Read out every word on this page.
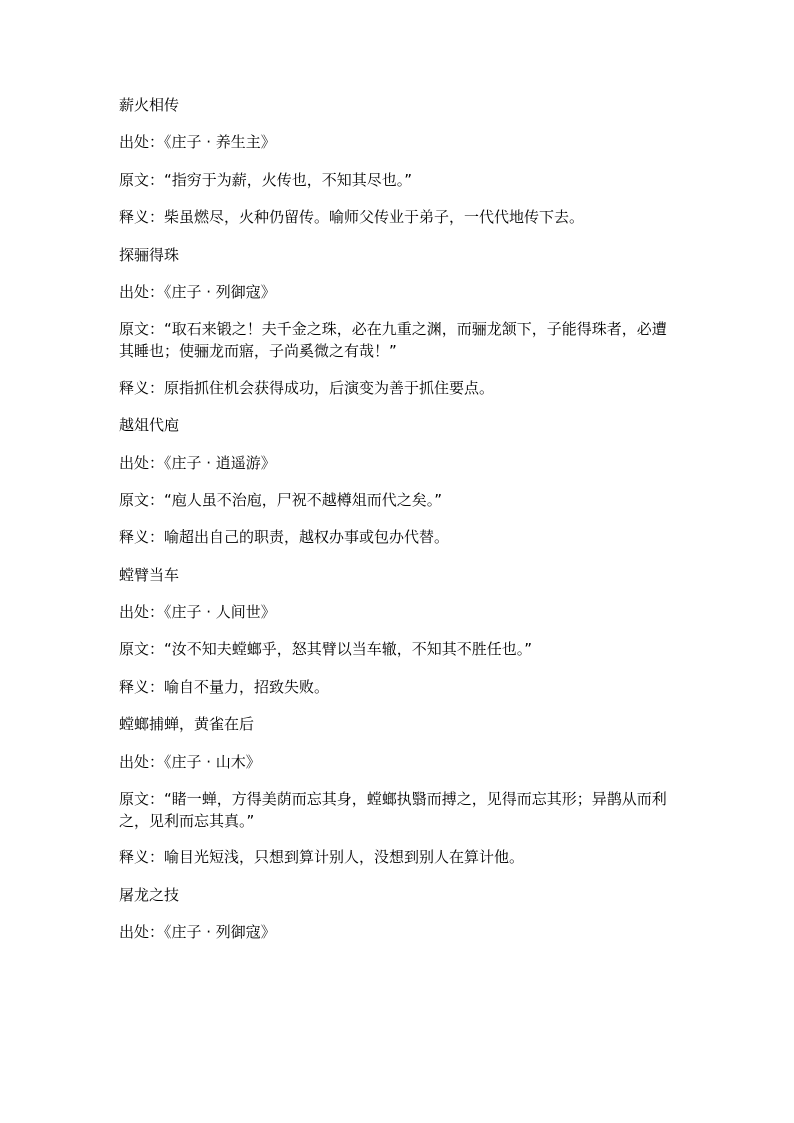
薪火相传

出处：《庄子 · 养生主》

原文：“指穷于为薪，火传也，不知其尽也。”

释义：柴虽燃尽，火种仍留传。喻师父传业于弟子，一代代地传下去。

探骊得珠

出处：《庄子 · 列御寇》

原文：“取石来锻之！夫千金之珠，必在九重之渊，而骊龙颔下，子能得珠者，必遭其睡也；使骊龙而寤，子尚奚微之有哉！”

释义：原指抓住机会获得成功，后演变为善于抓住要点。

越俎代庖

出处：《庄子 · 逍遥游》

原文：“庖人虽不治庖，尸祝不越樽俎而代之矣。”

释义：喻超出自己的职责，越权办事或包办代替。

螳臂当车

出处：《庄子 · 人间世》

原文：“汝不知夫螳螂乎，怒其臂以当车辙，不知其不胜任也。”

释义：喻自不量力，招致失败。

螳螂捕蝉，黄雀在后

出处：《庄子 · 山木》

原文：“睹一蝉，方得美荫而忘其身，螳螂执翳而搏之，见得而忘其形；异鹊从而利之，见利而忘其真。”

释义：喻目光短浅，只想到算计别人，没想到别人在算计他。

屠龙之技

出处：《庄子 · 列御寇》
